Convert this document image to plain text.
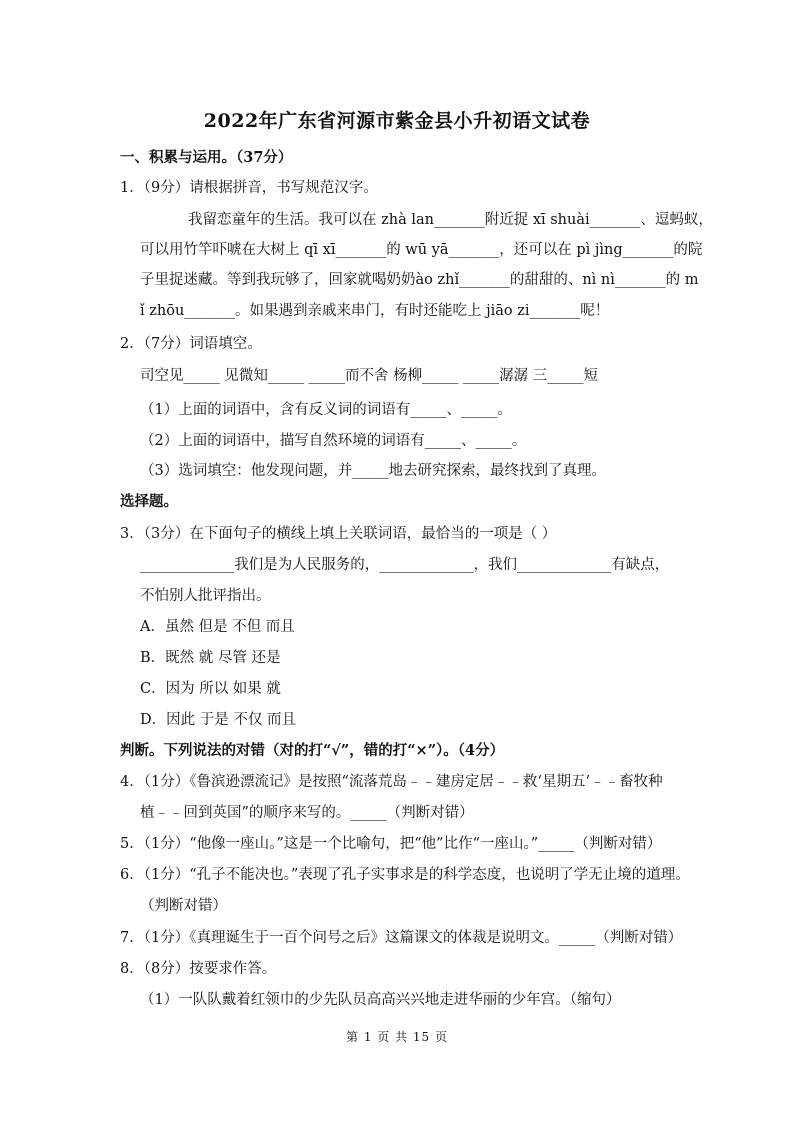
2022年广东省河源市紫金县小升初语文试卷
一、积累与运用。（37分）
1．（9分）请根据拼音，书写规范汉字。
我留恋童年的生活。我可以在 zhà lan_______附近捉 xī shuài_______、逗蚂蚁，
可以用竹竿吓唬在大树上 qī xī_______的 wū yā_______，还可以在 pì jìng_______的院
子里捉迷藏。等到我玩够了，回家就喝奶奶ào zhǐ_______的甜甜的、nì nì_______的 m
ǐ zhōu_______。如果遇到亲戚来串门，有时还能吃上 jiāo zi_______呢！
2．（7分）词语填空。
司空见_____ 见微知_____ _____而不舍 杨柳_____ _____潺潺 三_____短
（1）上面的词语中，含有反义词的词语有_____、_____。
（2）上面的词语中，描写自然环境的词语有_____、_____。
（3）选词填空：他发现问题，并_____地去研究探索，最终找到了真理。
选择题。
3．（3分）在下面句子的横线上填上关联词语，最恰当的一项是（ ）
_____________我们是为人民服务的，_____________，我们_____________有缺点，
不怕别人批评指出。
A．虽然 但是 不但 而且
B．既然 就 尽管 还是
C．因为 所以 如果 就
D．因此 于是 不仅 而且
判断。下列说法的对错（对的打“√”，错的打“×”）。（4分）
4．（1分）《鲁滨逊漂流记》是按照“流落荒岛﹣﹣建房定居﹣﹣救‘星期五’﹣﹣畜牧种
植﹣﹣回到英国”的顺序来写的。_____（判断对错）
5．（1分）“他像一座山。”这是一个比喻句，把“他”比作“一座山。”_____（判断对错）
6．（1分）“孔子不能决也。”表现了孔子实事求是的科学态度，也说明了学无止境的道理。
（判断对错）
7．（1分）《真理诞生于一百个问号之后》这篇课文的体裁是说明文。_____（判断对错）
8．（8分）按要求作答。
（1）一队队戴着红领巾的少先队员高高兴兴地走进华丽的少年宫。（缩句）
第 1 页 共 15 页
